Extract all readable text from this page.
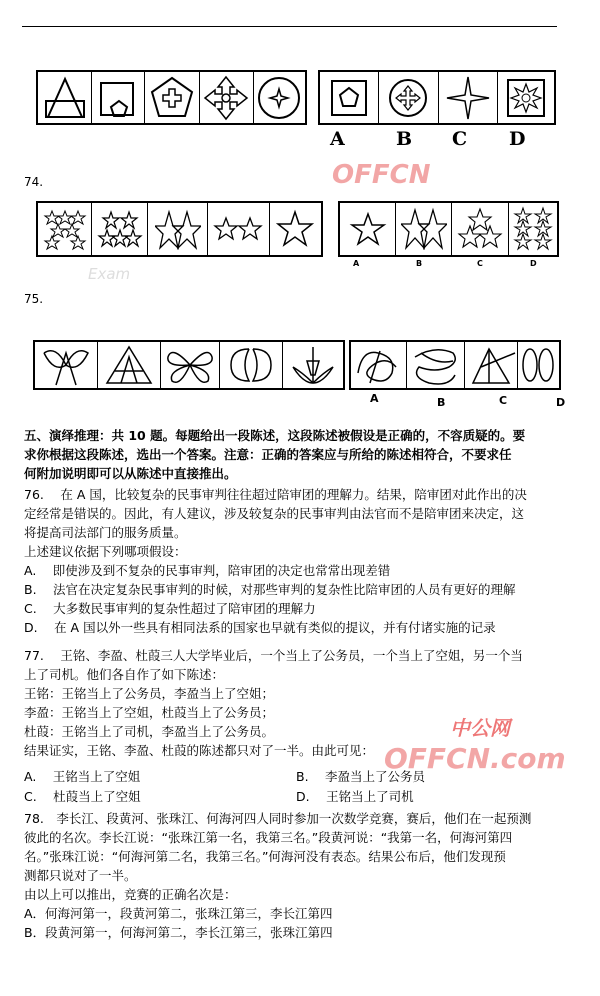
A	B C D
OFFCN
74.
A	B	C	D
Exam
75.
A	B	C	D
五、演绎推理：共 10 题。每题给出一段陈述，这段陈述被假设是正确的，不容质疑的。要
求你根据这段陈述，选出一个答案。注意：正确的答案应与所给的陈述相符合，不要求任
何附加说明即可以从陈述中直接推出。
76.　 在 A 国，比较复杂的民事审判往往超过陪审团的理解力。结果，陪审团对此作出的决
定经常是错误的。因此，有人建议，涉及较复杂的民事审判由法官而不是陪审团来决定，这
将提高司法部门的服务质量。
上述建议依据下列哪项假设：
A.　 即使涉及到不复杂的民事审判，陪审团的决定也常常出现差错
B.　 法官在决定复杂民事审判的时候，对那些审判的复杂性比陪审团的人员有更好的理解
C.　 大多数民事审判的复杂性超过了陪审团的理解力
D.　 在 A 国以外一些具有相同法系的国家也早就有类似的提议，并有付诸实施的记录
77.　 王铭、李盈、杜葭三人大学毕业后，一个当上了公务员，一个当上了空姐，另一个当
上了司机。他们各自作了如下陈述：
王铭：王铭当上了公务员，李盈当上了空姐；
李盈：王铭当上了空姐，杜葭当上了公务员；
杜葭：王铭当上了司机，李盈当上了公务员。
结果证实，王铭、李盈、杜葭的陈述都只对了一半。由此可见：
A.　 王铭当上了空姐	B.　 李盈当上了公务员
C.　 杜葭当上了空姐	D.　 王铭当上了司机
中公网
OFFCN.com
78.　李长江、段黄河、张珠江、何海河四人同时参加一次数学竞赛，赛后，他们在一起预测
彼此的名次。李长江说：“张珠江第一名，我第三名。”段黄河说：“我第一名，何海河第四
名。”张珠江说：“何海河第二名，我第三名。”何海河没有表态。结果公布后，他们发现预
测都只说对了一半。
由以上可以推出，竞赛的正确名次是：
A．何海河第一，段黄河第二，张珠江第三，李长江第四
B．段黄河第一，何海河第二，李长江第三，张珠江第四
